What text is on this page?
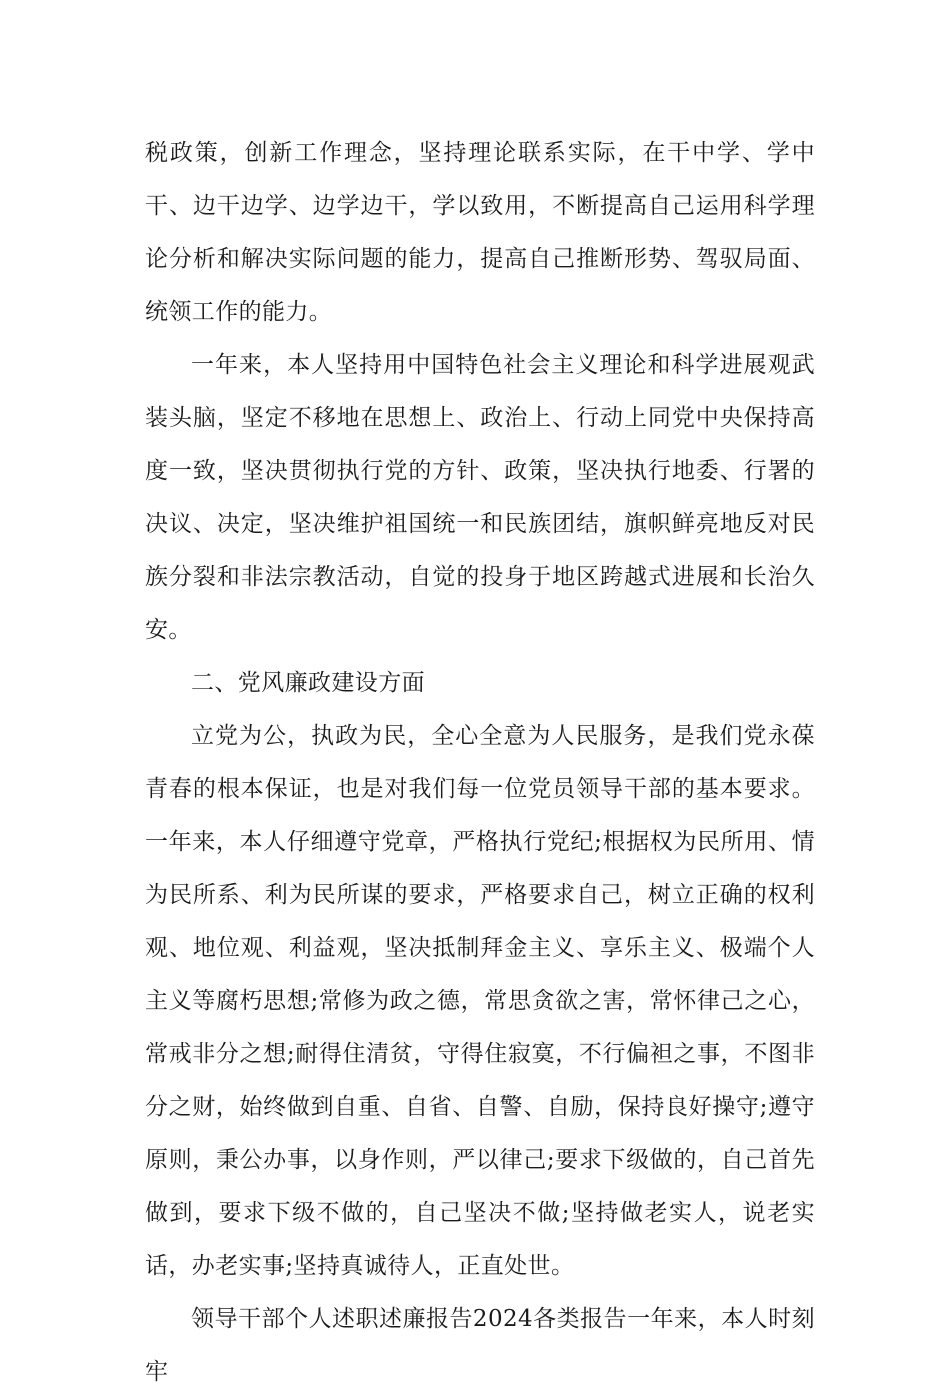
税政策，创新工作理念，坚持理论联系实际，在干中学、学中干、边干边学、边学边干，学以致用，不断提高自己运用科学理论分析和解决实际问题的能力，提高自己推断形势、驾驭局面、统领工作的能力。

一年来，本人坚持用中国特色社会主义理论和科学进展观武装头脑，坚定不移地在思想上、政治上、行动上同党中央保持高度一致，坚决贯彻执行党的方针、政策，坚决执行地委、行署的决议、决定，坚决维护祖国统一和民族团结，旗帜鲜亮地反对民族分裂和非法宗教活动，自觉的投身于地区跨越式进展和长治久安。

二、党风廉政建设方面

立党为公，执政为民，全心全意为人民服务，是我们党永葆青春的根本保证，也是对我们每一位党员领导干部的基本要求。一年来，本人仔细遵守党章，严格执行党纪;根据权为民所用、情为民所系、利为民所谋的要求，严格要求自己，树立正确的权利观、地位观、利益观，坚决抵制拜金主义、享乐主义、极端个人主义等腐朽思想;常修为政之德，常思贪欲之害，常怀律己之心，常戒非分之想;耐得住清贫，守得住寂寞，不行偏袒之事，不图非分之财，始终做到自重、自省、自警、自励，保持良好操守;遵守原则，秉公办事，以身作则，严以律己;要求下级做的，自己首先做到，要求下级不做的，自己坚决不做;坚持做老实人，说老实话，办老实事;坚持真诚待人，正直处世。

领导干部个人述职述廉报告2024各类报告一年来，本人时刻牢
